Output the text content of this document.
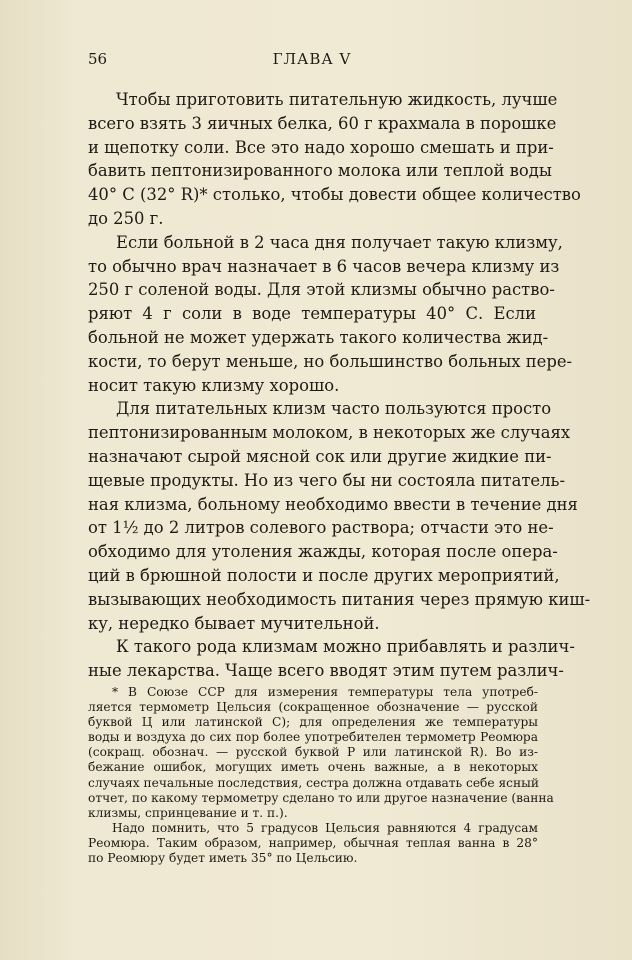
56	ГЛАВА V
Чтобы приготовить питательную жидкость, лучше
всего взять 3 яичных белка, 60 г крахмала в порошке
и щепотку соли. Все это надо хорошо смешать и при-
бавить пептонизированного молока или теплой воды
40° С (32° R)* столько, чтобы довести общее количество
до 250 г.
Если больной в 2 часа дня получает такую клизму,
то обычно врач назначает в 6 часов вечера клизму из
250 г соленой воды. Для этой клизмы обычно раство-
ряют 4 г соли в воде температуры 40° С. Если
больной не может удержать такого количества жид-
кости, то берут меньше, но большинство больных пере-
носит такую клизму хорошо.
Для питательных клизм часто пользуются просто
пептонизированным молоком, в некоторых же случаях
назначают сырой мясной сок или другие жидкие пи-
щевые продукты. Но из чего бы ни состояла питатель-
ная клизма, больному необходимо ввести в течение дня
от 1½ до 2 литров солевого раствора; отчасти это не-
обходимо для утоления жажды, которая после опера-
ций в брюшной полости и после других мероприятий,
вызывающих необходимость питания через прямую киш-
ку, нередко бывает мучительной.
К такого рода клизмам можно прибавлять и различ-
ные лекарства. Чаще всего вводят этим путем различ-
* В Союзе ССР для измерения температуры тела употреб-
ляется термометр Цельсия (сокращенное обозначение — русской
буквой Ц или латинской С); для определения же температуры
воды и воздуха до сих пор более употребителен термометр Реомюра
(сокращ. обознач. — русской буквой Р или латинской R). Во из-
бежание ошибок, могущих иметь очень важные, а в некоторых
случаях печальные последствия, сестра должна отдавать себе ясный
отчет, по какому термометру сделано то или другое назначение (ванна
клизмы, спринцевание и т. п.).
Надо помнить, что 5 градусов Цельсия равняются 4 градусам
Реомюра. Таким образом, например, обычная теплая ванна в 28°
по Реомюру будет иметь 35° по Цельсию.
